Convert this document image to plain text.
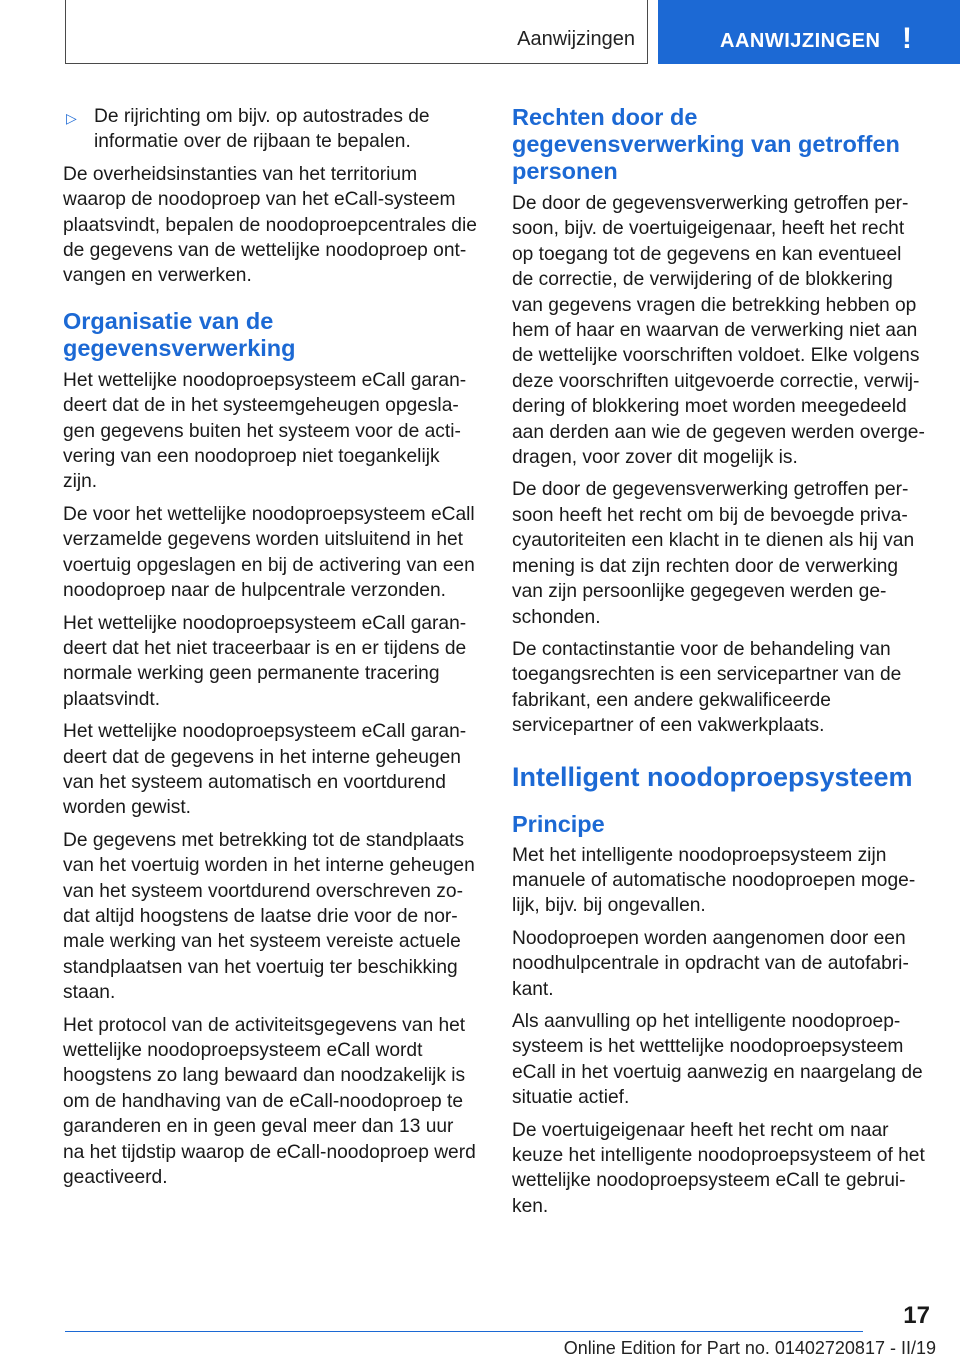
Aanwijzingen	AANWIJZINGEN !
▷ De rijrichting om bijv. op autostrades de informatie over de rijbaan te bepalen.

De overheidsinstanties van het territorium waarop de noodoproep van het eCall-systeem plaatsvindt, bepalen de noodoproepcentrales die de gegevens van de wettelijke noodoproep ontvangen en verwerken.

Organisatie van de gegevensverwerking

Het wettelijke noodoproepsysteem eCall garandeert dat de in het systeemgeheugen opgeslagen gegevens buiten het systeem voor de activering van een noodoproep niet toegankelijk zijn.

De voor het wettelijke noodoproepsysteem eCall verzamelde gegevens worden uitsluitend in het voertuig opgeslagen en bij de activering van een noodoproep naar de hulpcentrale verzonden.

Het wettelijke noodoproepsysteem eCall garandeert dat het niet traceerbaar is en er tijdens de normale werking geen permanente tracering plaatsvindt.

Het wettelijke noodoproepsysteem eCall garandeert dat de gegevens in het interne geheugen van het systeem automatisch en voortdurend worden gewist.

De gegevens met betrekking tot de standplaats van het voertuig worden in het interne geheugen van het systeem voortdurend overschreven zodat altijd hoogstens de laatse drie voor de normale werking van het systeem vereiste actuele standplaatsen van het voertuig ter beschikking staan.

Het protocol van de activiteitsgegevens van het wettelijke noodoproepsysteem eCall wordt hoogstens zo lang bewaard dan noodzakelijk is om de handhaving van de eCall-noodoproep te garanderen en in geen geval meer dan 13 uur na het tijdstip waarop de eCall-noodoproep werd geactiveerd.

Rechten door de gegevensverwerking van getroffen personen

De door de gegevensverwerking getroffen persoon, bijv. de voertuigeigenaar, heeft het recht op toegang tot de gegevens en kan eventueel de correctie, de verwijdering of de blokkering van gegevens vragen die betrekking hebben op hem of haar en waarvan de verwerking niet aan de wettelijke voorschriften voldoet. Elke volgens deze voorschriften uitgevoerde correctie, verwijdering of blokkering moet worden meegedeeld aan derden aan wie de gegeven werden overgedragen, voor zover dit mogelijk is.

De door de gegevensverwerking getroffen persoon heeft het recht om bij de bevoegde privacyautoriteiten een klacht in te dienen als hij van mening is dat zijn rechten door de verwerking van zijn persoonlijke gegegeven werden geschonden.

De contactinstantie voor de behandeling van toegangsrechten is een servicepartner van de fabrikant, een andere gekwalificeerde servicepartner of een vakwerkplaats.

Intelligent noodoproepsysteem
Principe

Met het intelligente noodoproepsysteem zijn manuele of automatische noodoproepen mogelijk, bijv. bij ongevallen.

Noodoproepen worden aangenomen door een noodhulpcentrale in opdracht van de autofabrikant.

Als aanvulling op het intelligente noodoproepsysteem is het wetttelijke noodoproepsysteem eCall in het voertuig aanwezig en naargelang de situatie actief.

De voertuigeigenaar heeft het recht om naar keuze het intelligente noodoproepsysteem of het wettelijke noodoproepsysteem eCall te gebruiken.

17
Online Edition for Part no. 01402720817 - II/19
